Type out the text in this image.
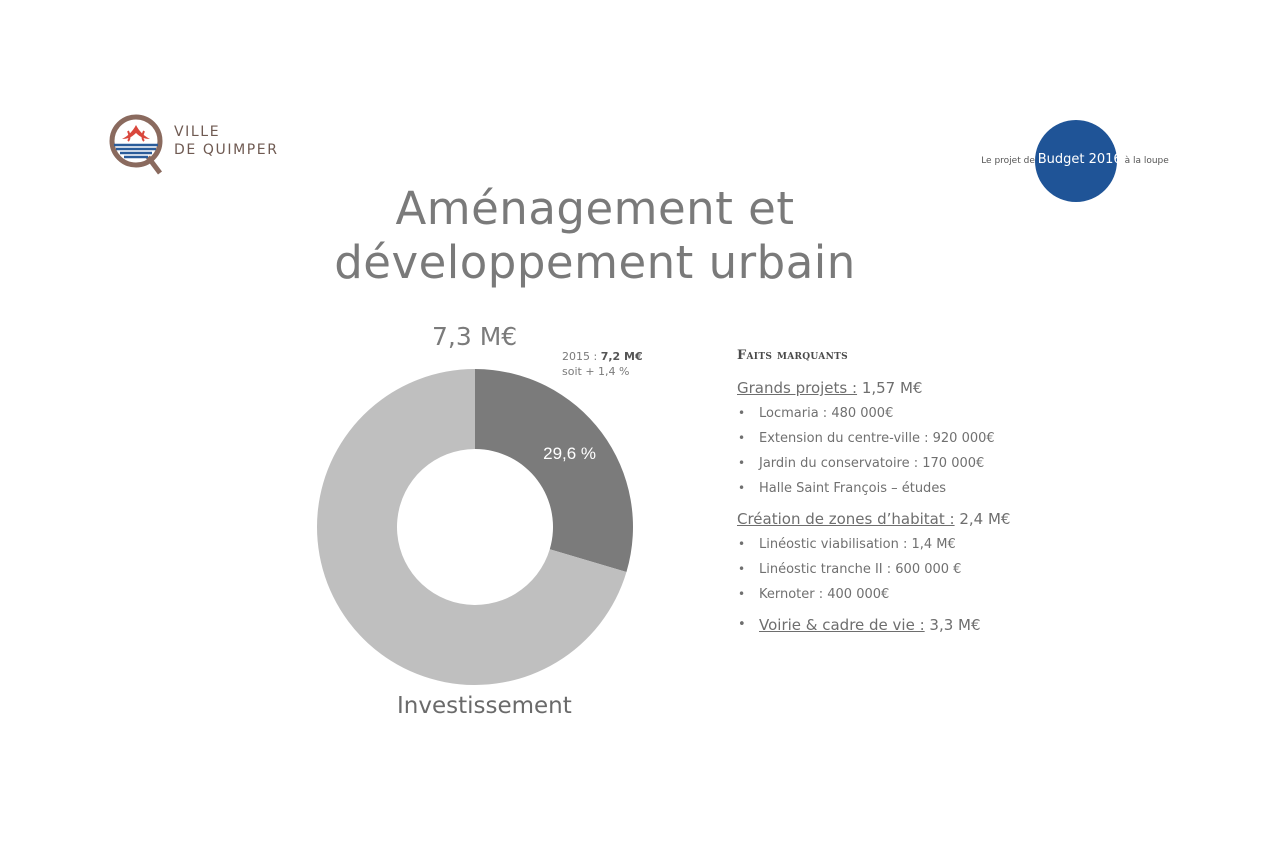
VILLE
DE QUIMPER
Le projet de Budget 2016 à la loupe
Aménagement et
développement urbain
7,3 M€
2015 : 7,2 M€
soit + 1,4 %
29,6 %
Investissement
Faits marquants
Grands projets : 1,57 M€
• Locmaria : 480 000€
• Extension du centre-ville : 920 000€
• Jardin du conservatoire : 170 000€
• Halle Saint François – études
Création de zones d’habitat : 2,4 M€
• Linéostic viabilisation : 1,4 M€
• Linéostic tranche II : 600 000 €
• Kernoter : 400 000€
• Voirie & cadre de vie : 3,3 M€
